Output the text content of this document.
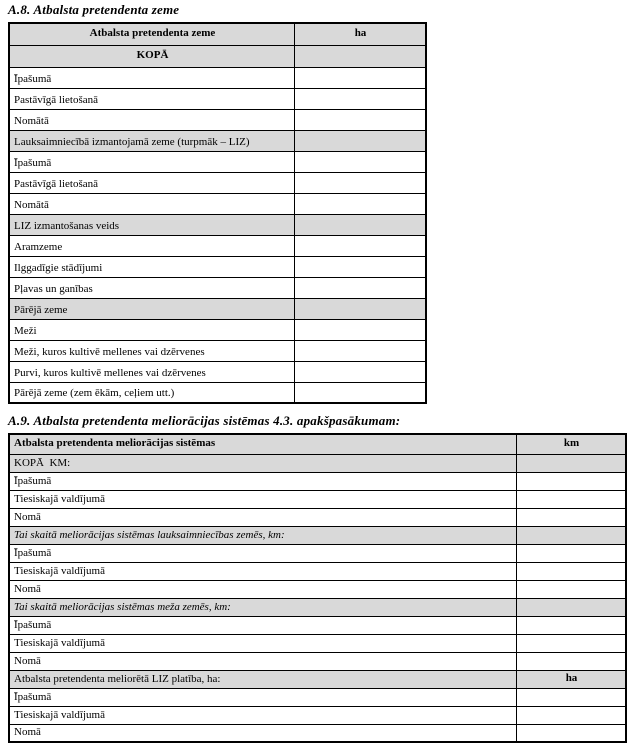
A.8. Atbalsta pretendenta zeme

Atbalsta pretendenta zeme	ha
KOPĀ	
Īpašumā	
Pastāvīgā lietošanā	
Nomātā	
Lauksaimniecībā izmantojamā zeme (turpmāk – LIZ)	
Īpašumā	
Pastāvīgā lietošanā	
Nomātā	
LIZ izmantošanas veids	
Aramzeme	
Ilggadīgie stādījumi	
Pļavas un ganības	
Pārējā zeme	
Meži	
Meži, kuros kultivē mellenes vai dzērvenes	
Purvi, kuros kultivē mellenes vai dzērvenes	
Pārējā zeme (zem ēkām, ceļiem utt.)	

A.9. Atbalsta pretendenta meliorācijas sistēmas 4.3. apakšpasākumam:

Atbalsta pretendenta meliorācijas sistēmas	km
KOPĀ  KM:	
Īpašumā	
Tiesiskajā valdījumā	
Nomā	
Tai skaitā meliorācijas sistēmas lauksaimniecības zemēs, km:	
Īpašumā	
Tiesiskajā valdījumā	
Nomā	
Tai skaitā meliorācijas sistēmas meža zemēs, km:	
Īpašumā	
Tiesiskajā valdījumā	
Nomā	
Atbalsta pretendenta meliorētā LIZ platība, ha:	ha
Īpašumā	
Tiesiskajā valdījumā	
Nomā	
